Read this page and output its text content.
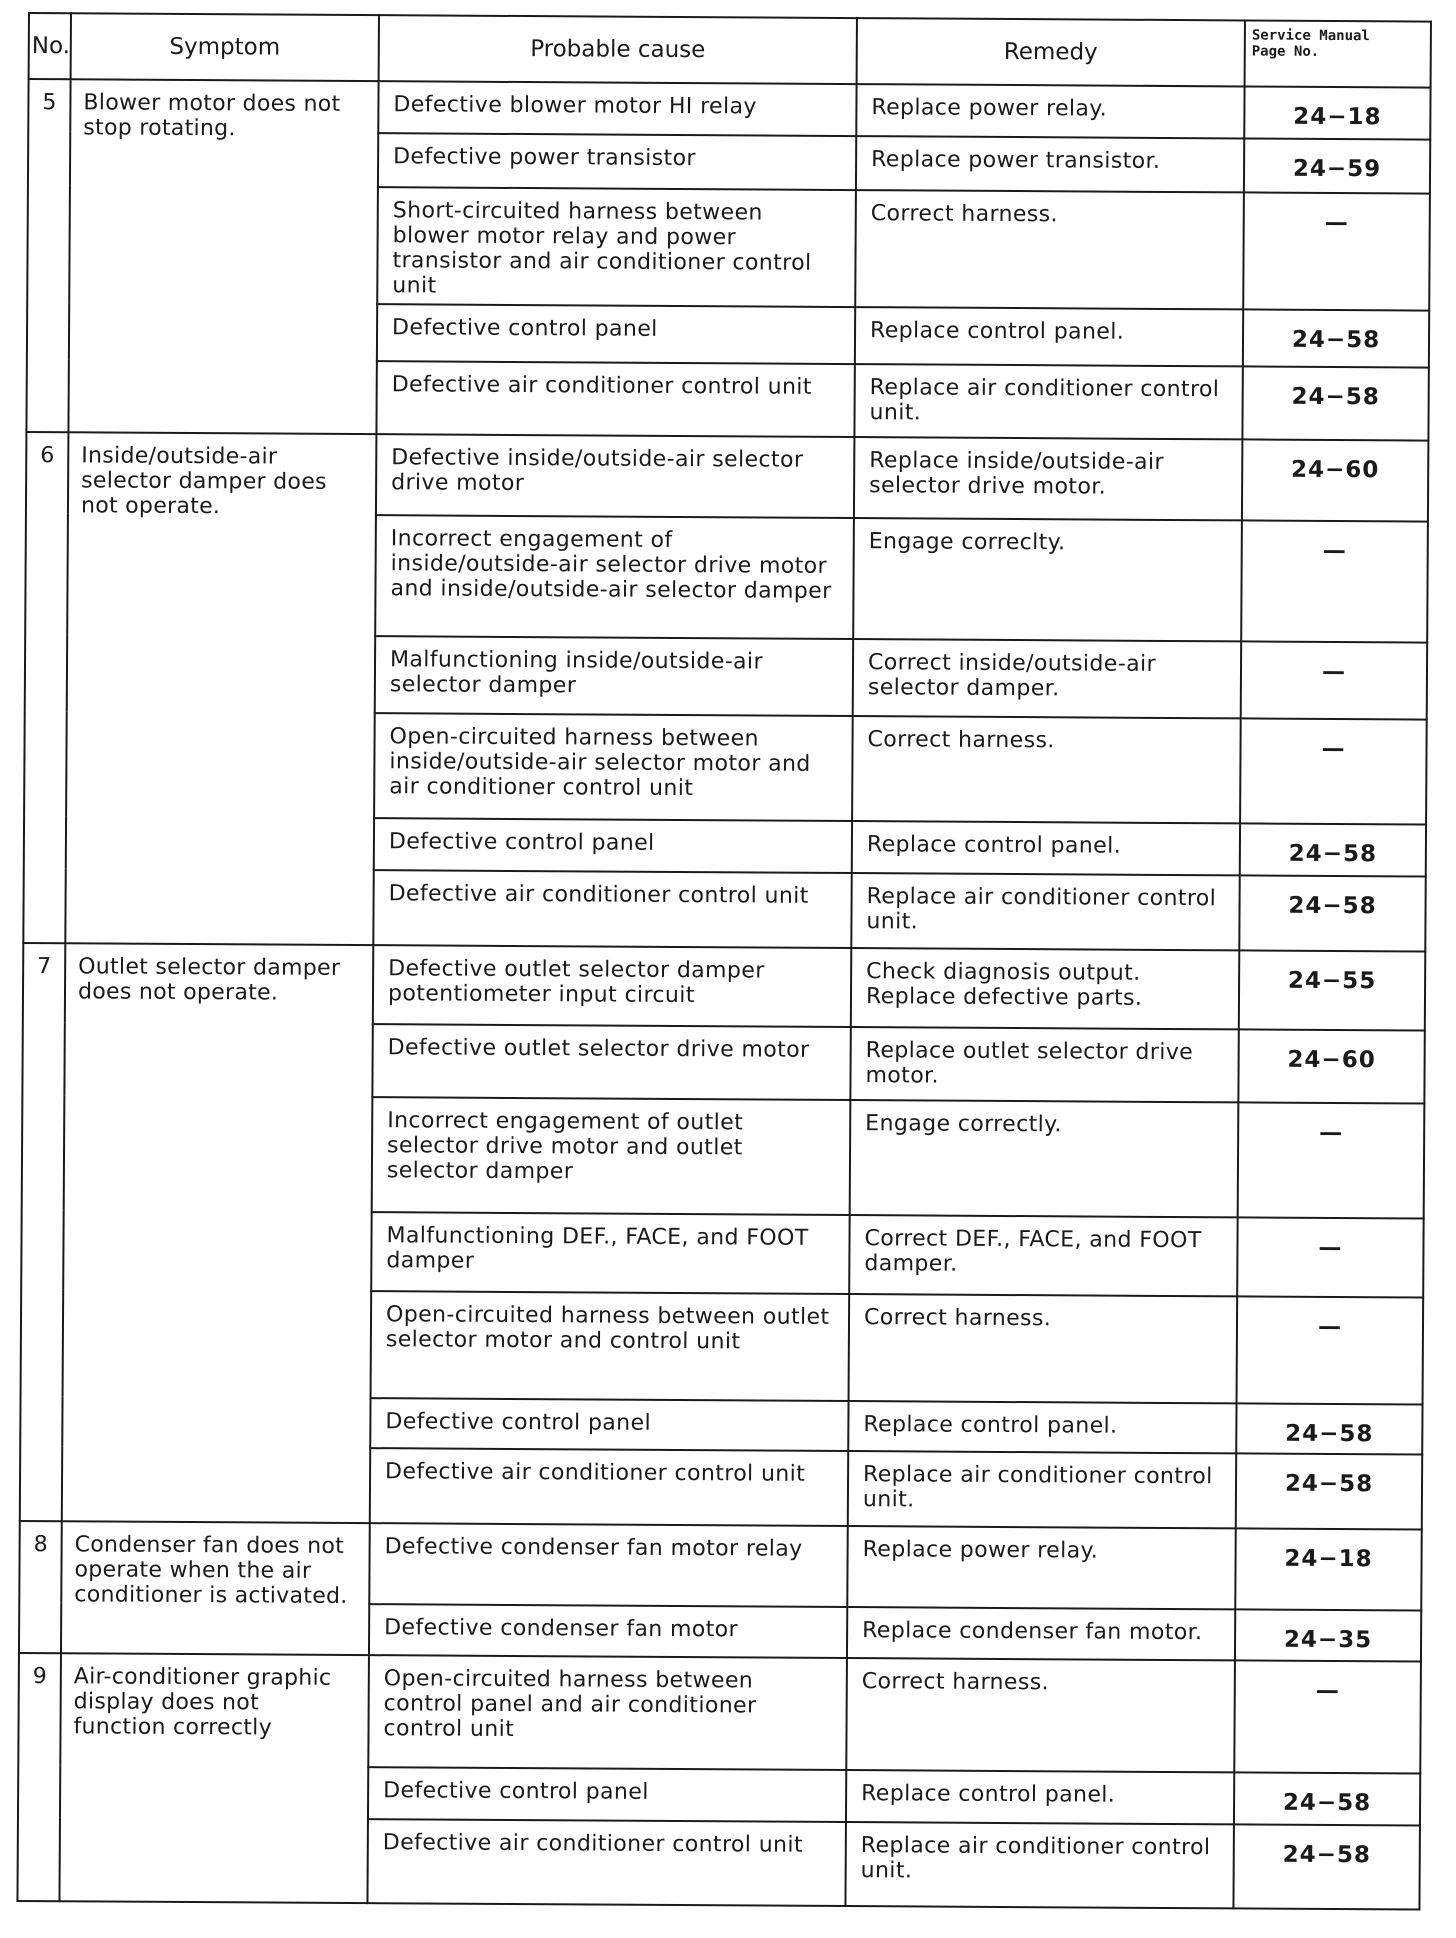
No.	Symptom	Probable cause	Remedy	Service Manual
Page No.

5	Blower motor does not stop rotating.	Defective blower motor HI relay	Replace power relay.	24−18
		Defective power transistor	Replace power transistor.	24−59
		Short-circuited harness between blower motor relay and power transistor and air conditioner control unit	Correct harness.	—
		Defective control panel	Replace control panel.	24−58
		Defective air conditioner control unit	Replace air conditioner control unit.	24−58
6	Inside/outside-air selector damper does not operate.	Defective inside/outside-air selector drive motor	Replace inside/outside-air selector drive motor.	24−60
		Incorrect engagement of inside/outside-air selector drive motor and inside/outside-air selector damper	Engage correclty.	—
		Malfunctioning inside/outside-air selector damper	Correct inside/outside-air selector damper.	—
		Open-circuited harness between inside/outside-air selector motor and air conditioner control unit	Correct harness.	—
		Defective control panel	Replace control panel.	24−58
		Defective air conditioner control unit	Replace air conditioner control unit.	24−58
7	Outlet selector damper does not operate.	Defective outlet selector damper potentiometer input circuit	Check diagnosis output. Replace defective parts.	24−55
		Defective outlet selector drive motor	Replace outlet selector drive motor.	24−60
		Incorrect engagement of outlet selector drive motor and outlet selector damper	Engage correctly.	—
		Malfunctioning DEF., FACE, and FOOT damper	Correct DEF., FACE, and FOOT damper.	—
		Open-circuited harness between outlet selector motor and control unit	Correct harness.	—
		Defective control panel	Replace control panel.	24−58
		Defective air conditioner control unit	Replace air conditioner control unit.	24−58
8	Condenser fan does not operate when the air conditioner is activated.	Defective condenser fan motor relay	Replace power relay.	24−18
		Defective condenser fan motor	Replace condenser fan motor.	24−35
9	Air-conditioner graphic display does not function correctly	Open-circuited harness between control panel and air conditioner control unit	Correct harness.	—
		Defective control panel	Replace control panel.	24−58
		Defective air conditioner control unit	Replace air conditioner control unit.	24−58
